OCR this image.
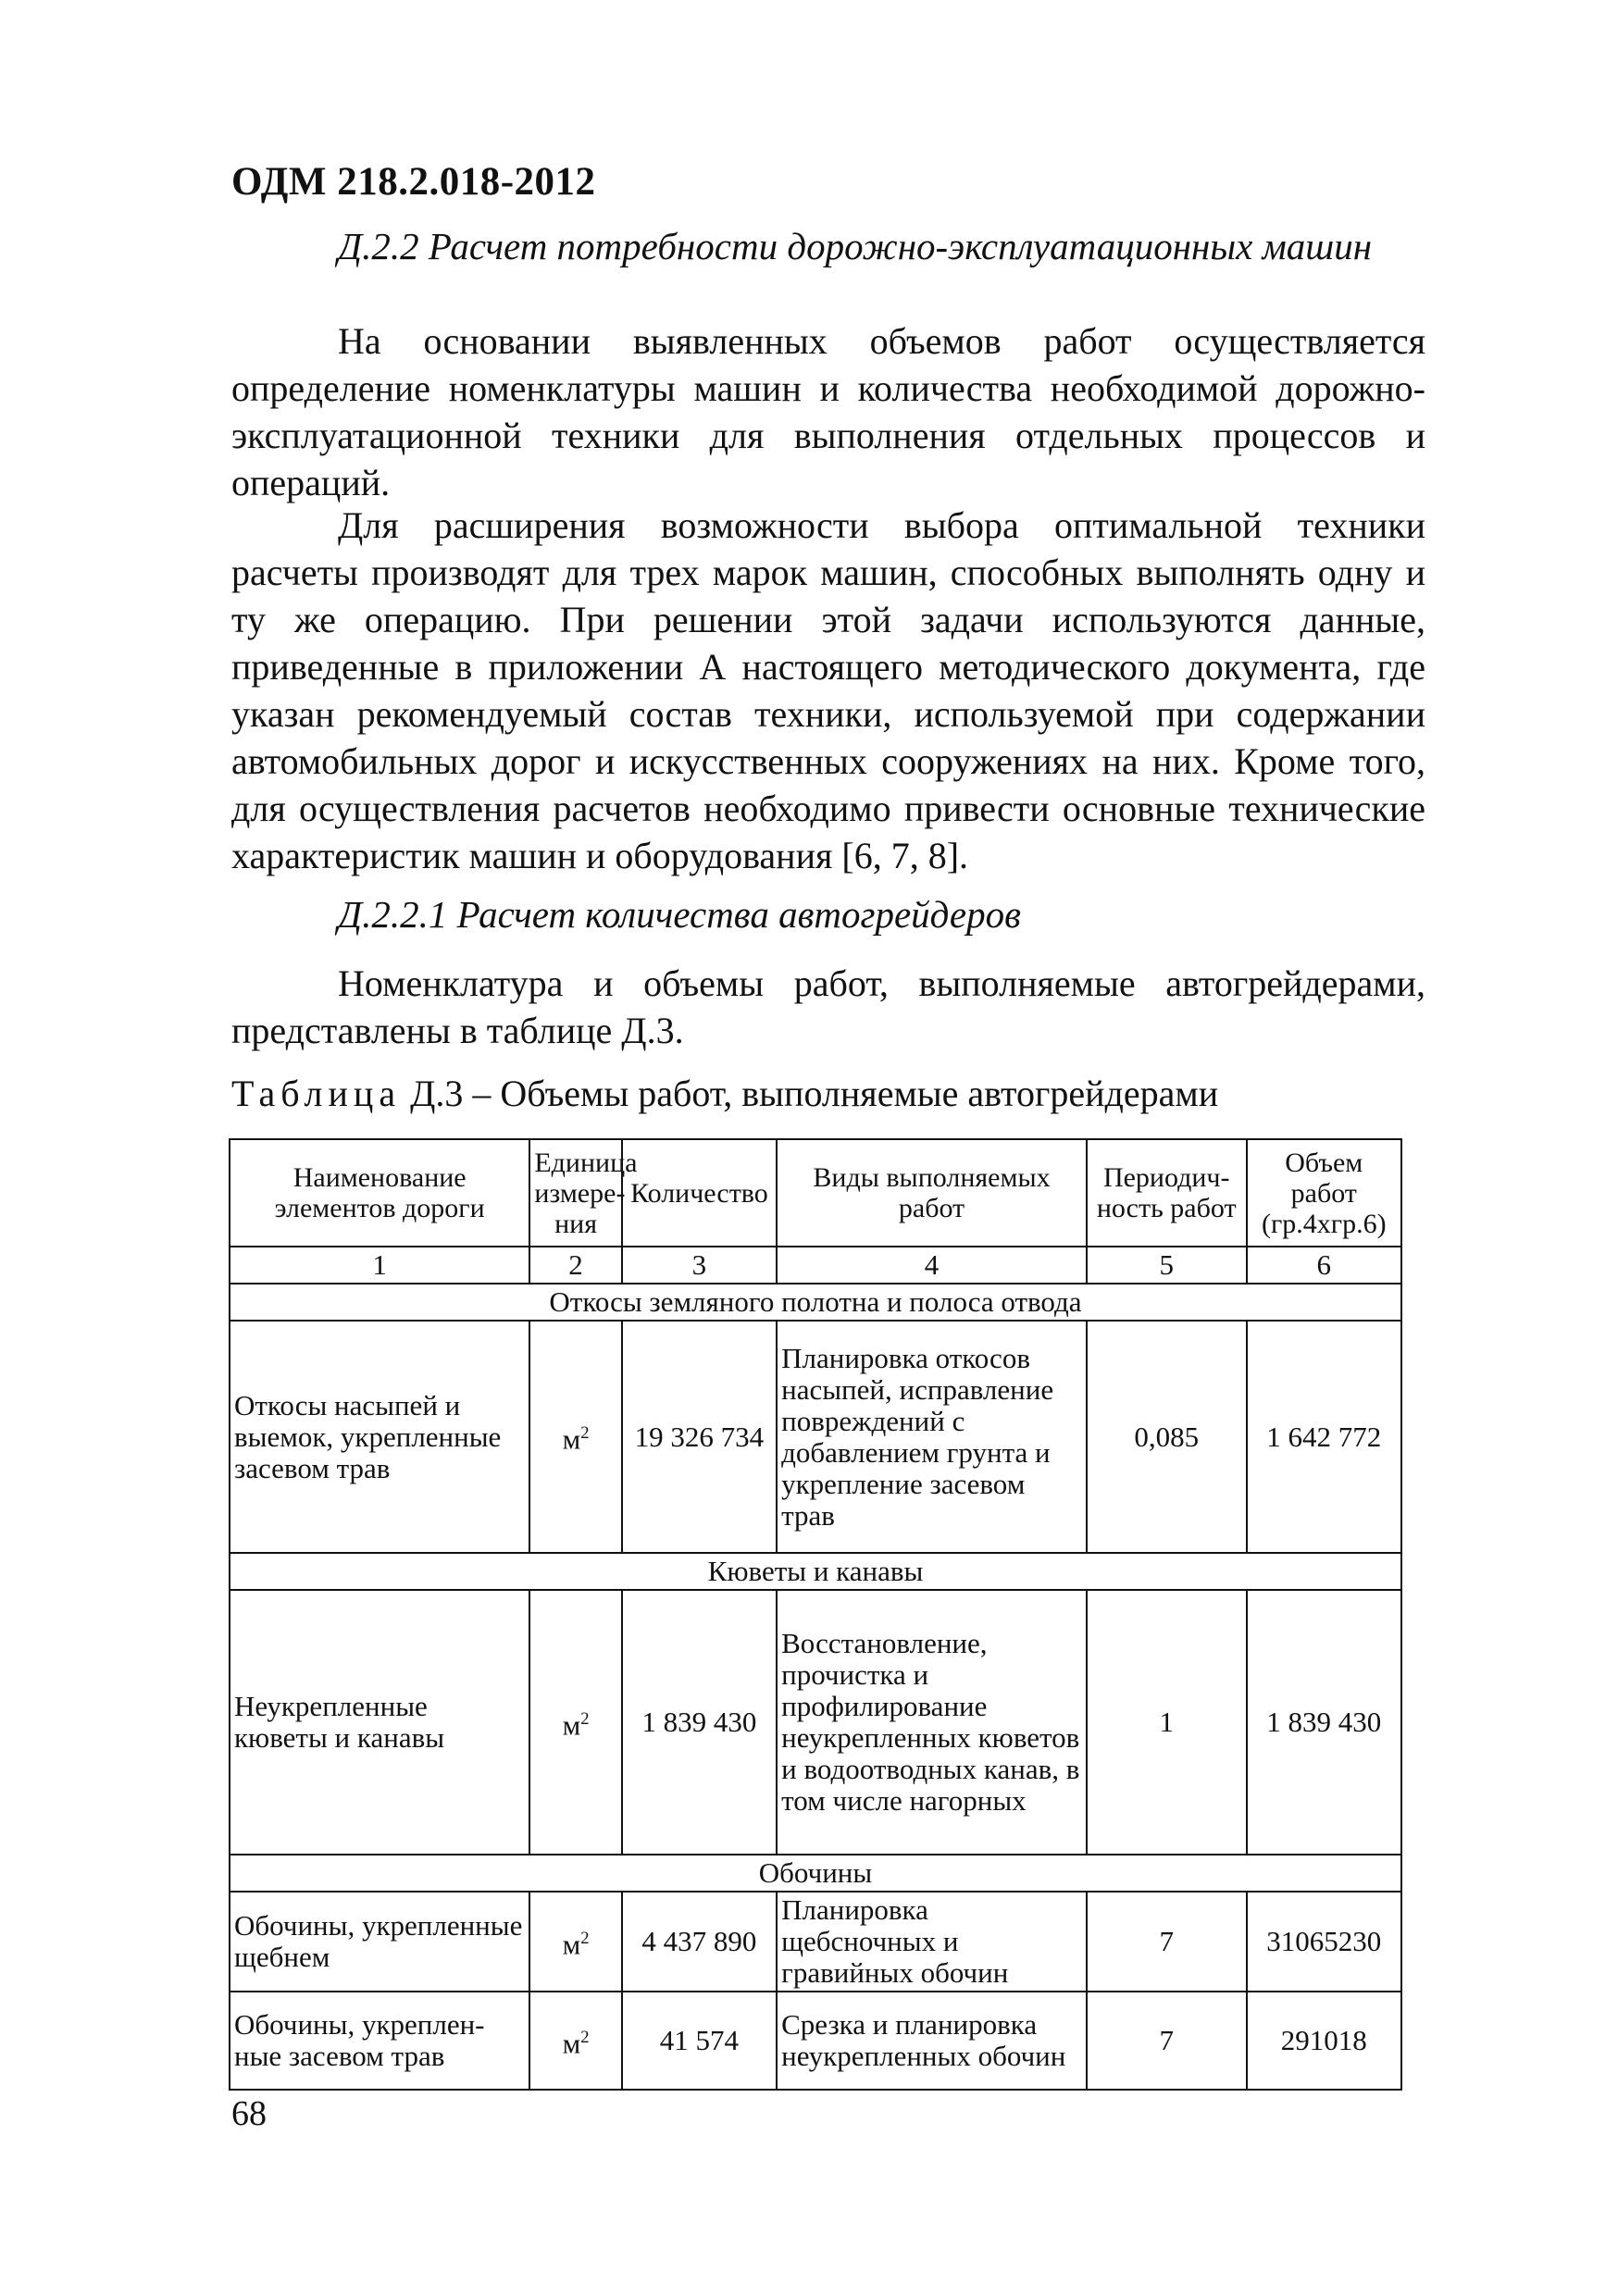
ОДМ 218.2.018-2012
Д.2.2 Расчет потребности дорожно-эксплуатационных машин

На основании выявленных объемов работ осуществляется определение номенклатуры машин и количества необходимой дорожно-эксплуатационной техники для выполнения отдельных процессов и операций.

Для расширения возможности выбора оптимальной техники расчеты производят для трех марок машин, способных выполнять одну и ту же операцию. При решении этой задачи используются данные, приведенные в приложении А настоящего методического документа, где указан рекомендуемый состав техники, используемой при содержании автомобильных дорог и искусственных сооружениях на них. Кроме того, для осуществления расчетов необходимо привести основные технические характеристик машин и оборудования [6, 7, 8].

Д.2.2.1 Расчет количества автогрейдеров

Номенклатура и объемы работ, выполняемые автогрейдерами, представлены в таблице Д.3.

Таблица Д.3 – Объемы работ, выполняемые автогрейдерами
Наименование элементов дороги	Единица измере-ния	Количество	Виды выполняемых работ	Периодич-ность работ	Объем работ (гр.4хгр.6)
1	2	3	4	5	6
Откосы земляного полотна и полоса отвода					
Откосы насыпей и выемок, укрепленные засевом трав	$м^2$	19 326 734	Планировка откосов насыпей, исправление повреждений с добавлением грунта и укрепление засевом трав	0,085	1 642 772
Кюветы и канавы					
Неукрепленные кюветы и канавы	$м^2$	1 839 430	Восстановление, прочистка и профилирование неукрепленных кюветов и водоотводных канав, в том числе нагорных	1	1 839 430
Обочины					
Обочины, укрепленные щебнем	$м^2$	4 437 890	Планировка щебсночных и гравийных обочин	7	31065230
Обочины, укреплен-ные засевом трав	$м^2$	41 574	Срезка и планировка неукрепленных обочин	7	291018
68
